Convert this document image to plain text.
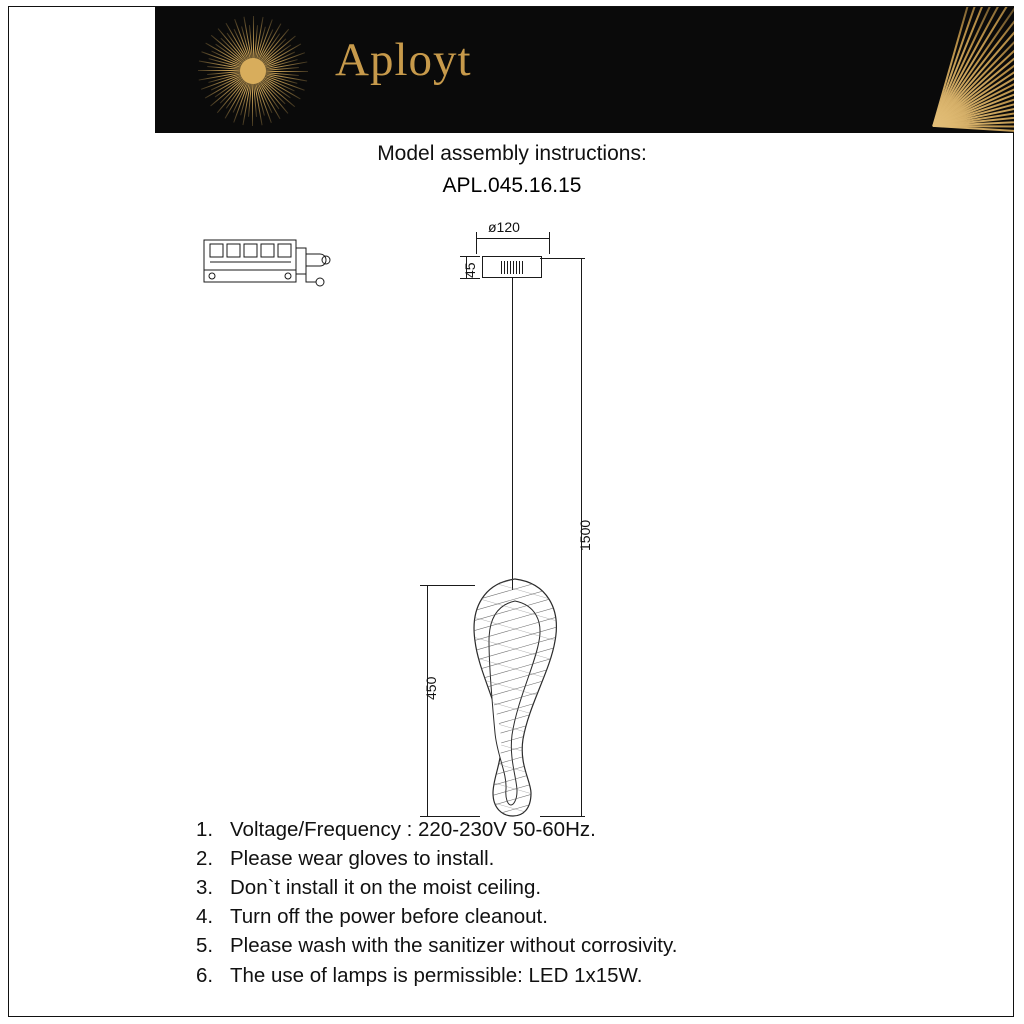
Aployt
Model assembly instructions:
APL.045.16.15
ø120
45
1500
450
1. Voltage/Frequency : 220-230V 50-60Hz.
2. Please wear gloves to install.
3. Don`t install it on the moist ceiling.
4. Turn off the power before cleanout.
5. Please wash with the sanitizer without corrosivity.
6. The use of lamps is permissible: LED 1x15W.
